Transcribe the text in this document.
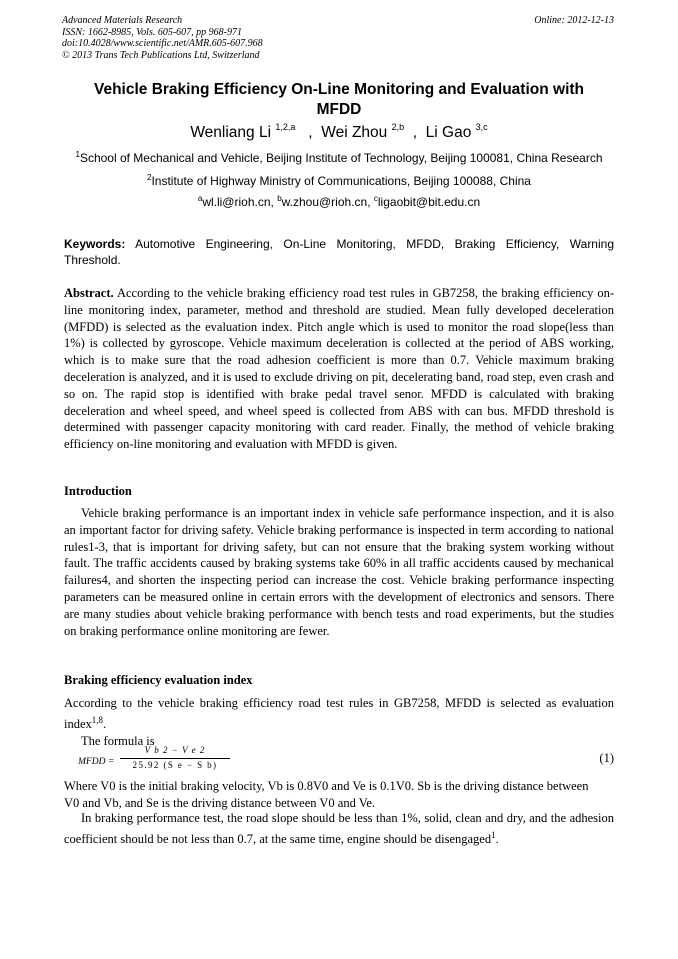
Advanced Materials Research
ISSN: 1662-8985, Vols. 605-607, pp 968-971
doi:10.4028/www.scientific.net/AMR.605-607.968
© 2013 Trans Tech Publications Ltd, Switzerland
Online: 2012-12-13
Vehicle Braking Efficiency On-Line Monitoring and Evaluation with MFDD
Wenliang Li $^{1,2,a}$   ,  Wei Zhou $^{2,b}$  ,  Li Gao $^{3,c}$
$^1$School of Mechanical and Vehicle, Beijing Institute of Technology, Beijing 100081, China Research
$^2$Institute of Highway Ministry of Communications, Beijing 100088, China
$^a$wl.li@rioh.cn, $^b$w.zhou@rioh.cn, $^c$ligaobit@bit.edu.cn
Keywords: Automotive Engineering, On-Line Monitoring, MFDD, Braking Efficiency, Warning Threshold.
Abstract. According to the vehicle braking efficiency road test rules in GB7258, the braking efficiency on-line monitoring index, parameter, method and threshold are studied. Mean fully developed deceleration (MFDD) is selected as the evaluation index. Pitch angle which is used to monitor the road slope(less than 1%) is collected by gyroscope. Vehicle maximum deceleration is collected at the period of ABS working, which is to make sure that the road adhesion coefficient is more than 0.7. Vehicle maximum braking deceleration is analyzed, and it is used to exclude driving on pit, decelerating band, road step, even crash and so on. The rapid stop is identified with brake pedal travel senor. MFDD is calculated with braking deceleration and wheel speed, and wheel speed is collected from ABS with can bus. MFDD threshold is determined with passenger capacity monitoring with card reader. Finally, the method of vehicle braking efficiency on-line monitoring and evaluation with MFDD is given.
Introduction
Vehicle braking performance is an important index in vehicle safe performance inspection, and it is also an important factor for driving safety. Vehicle braking performance is inspected in term according to national rules1-3, that is important for driving safety, but can not ensure that the braking system working without fault. The traffic accidents caused by braking systems take 60% in all traffic accidents caused by mechanical failures4, and shorten the inspecting period can increase the cost. Vehicle braking performance inspecting parameters can be measured online in certain errors with the development of electronics and sensors. There are many studies about vehicle braking performance with bench tests and road experiments, but the studies on braking performance online monitoring are fewer.
Braking efficiency evaluation index
According to the vehicle braking efficiency road test rules in GB7258, MFDD is selected as evaluation index$^{1,8}$.
The formula is
MFDD =
V b 2 − V e 2
25.92 (S e − S b)	(1)
Where V0 is the initial braking velocity, Vb is 0.8V0 and Ve is 0.1V0. Sb is the driving distance between
V0 and Vb, and Se is the driving distance between V0 and Ve.
In braking performance test, the road slope should be less than 1%, solid, clean and dry, and the adhesion coefficient should be not less than 0.7, at the same time, engine should be disengaged$^1$.
